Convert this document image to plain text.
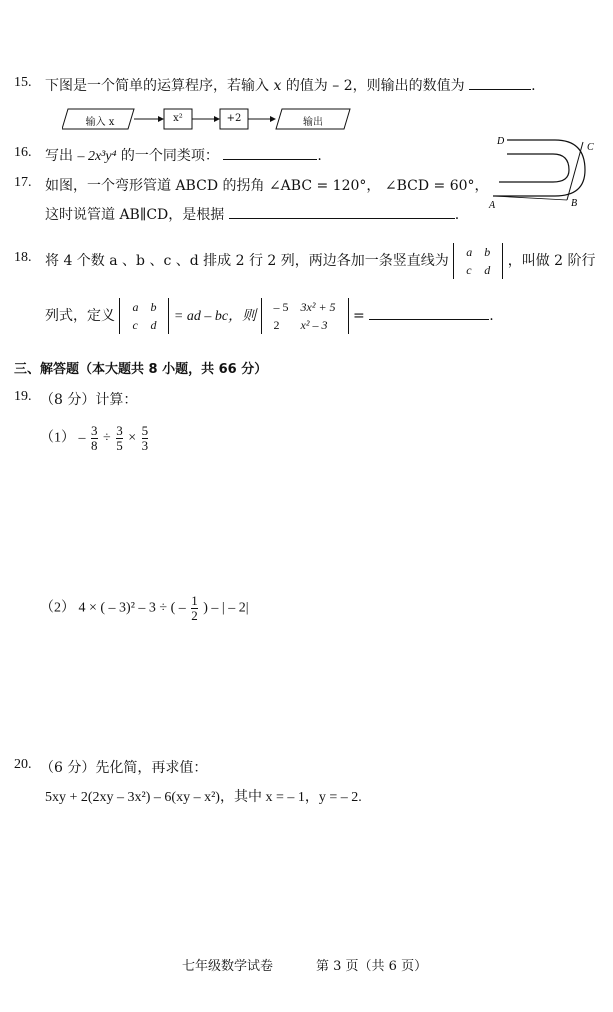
15. 下图是一个简单的运算程序，若输入 x 的值为 – 2，则输出的数值为	.
输入 x	x²	+2	输出
16. 写出 – 2x³y⁴ 的一个同类项：	.
D
C
A	B
17. 如图，一个弯形管道 ABCD 的拐角 ∠ABC = 120°， ∠BCD = 60°，
这时说管道 AB∥CD，是根据	.
18. 将 4 个数 a 、b 、c 、d 排成 2 行 2 列，两边各加一条竖直线为
a	b
c	d
，叫做 2 阶行
列式，定义
a	b
c	d
= ad – bc，则
– 5	3x² + 5
2	x² – 3
=	.
三、解答题（本大题共 8 小题，共 66 分）
19. （8 分）计算：
$(1) - \frac{3}{8} \div \frac{3}{5} \times \frac{5}{3}$
（2） 4 × ( – 3)² – 3 ÷ ( – $\frac{1}{2}$ ) – | – 2|
20. （6 分）先化简，再求值：
5xy + 2(2xy – 3x²) – 6(xy – x²)，其中 x = – 1，y = – 2.
七年级数学试卷	第 3 页（共 6 页）
